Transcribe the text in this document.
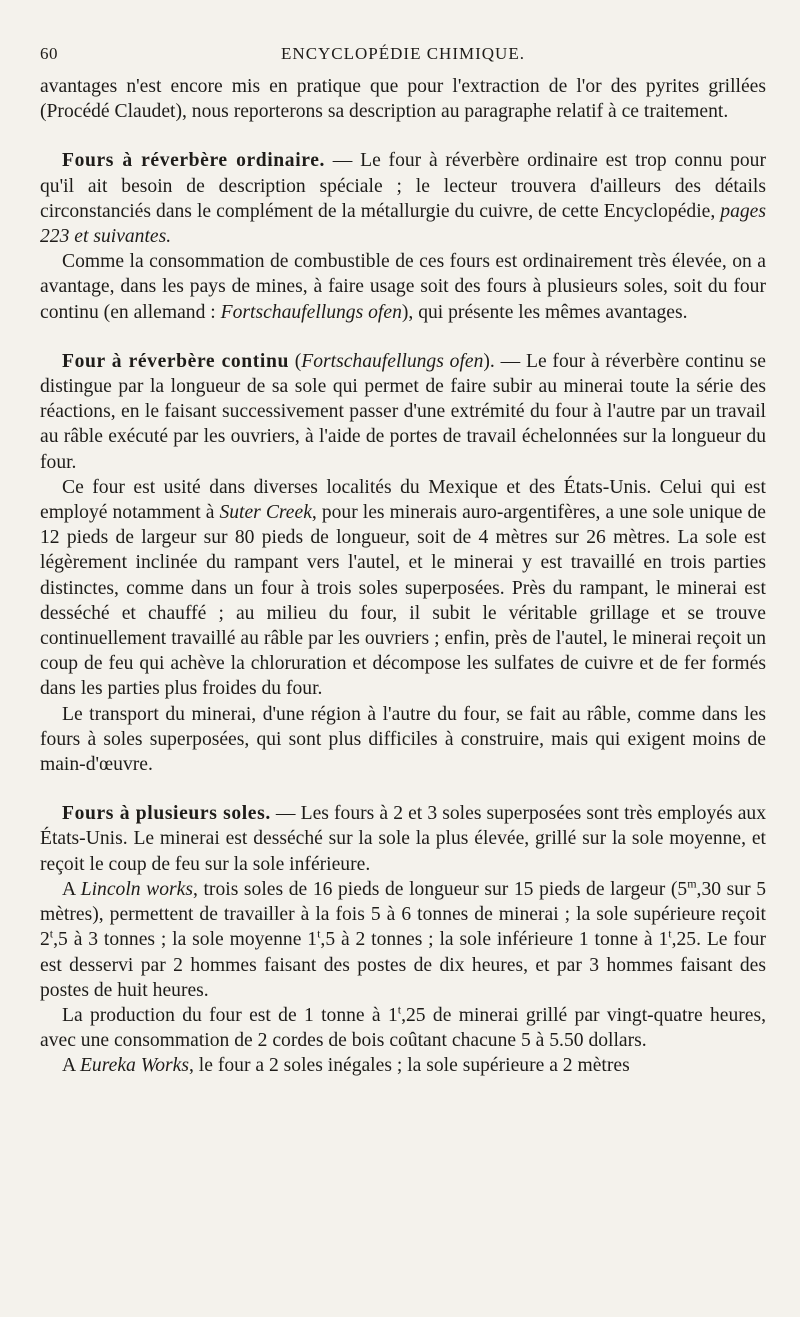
60	ENCYCLOPÉDIE CHIMIQUE.

avantages n'est encore mis en pratique que pour l'extraction de l'or des pyrites grillées (Procédé Claudet), nous reporterons sa description au paragraphe relatif à ce traitement.

Fours à réverbère ordinaire. — Le four à réverbère ordinaire est trop connu pour qu'il ait besoin de description spéciale ; le lecteur trouvera d'ailleurs des détails circonstanciés dans le complément de la métallurgie du cuivre, de cette Encyclopédie, pages 223 et suivantes.

Comme la consommation de combustible de ces fours est ordinairement très élevée, on a avantage, dans les pays de mines, à faire usage soit des fours à plusieurs soles, soit du four continu (en allemand : Fortschaufellungs ofen), qui présente les mêmes avantages.

Four à réverbère continu (Fortschaufellungs ofen). — Le four à réverbère continu se distingue par la longueur de sa sole qui permet de faire subir au minerai toute la série des réactions, en le faisant successivement passer d'une extrémité du four à l'autre par un travail au râble exécuté par les ouvriers, à l'aide de portes de travail échelonnées sur la longueur du four.

Ce four est usité dans diverses localités du Mexique et des États-Unis. Celui qui est employé notamment à Suter Creek, pour les minerais auro-argentifères, a une sole unique de 12 pieds de largeur sur 80 pieds de longueur, soit de 4 mètres sur 26 mètres. La sole est légèrement inclinée du rampant vers l'autel, et le minerai y est travaillé en trois parties distinctes, comme dans un four à trois soles superposées. Près du rampant, le minerai est desséché et chauffé ; au milieu du four, il subit le véritable grillage et se trouve continuellement travaillé au râble par les ouvriers ; enfin, près de l'autel, le minerai reçoit un coup de feu qui achève la chloruration et décompose les sulfates de cuivre et de fer formés dans les parties plus froides du four.

Le transport du minerai, d'une région à l'autre du four, se fait au râble, comme dans les fours à soles superposées, qui sont plus difficiles à construire, mais qui exigent moins de main-d'œuvre.

Fours à plusieurs soles. — Les fours à 2 et 3 soles superposées sont très employés aux États-Unis. Le minerai est desséché sur la sole la plus élevée, grillé sur la sole moyenne, et reçoit le coup de feu sur la sole inférieure.

A Lincoln works, trois soles de 16 pieds de longueur sur 15 pieds de largeur (5$^m$,30 sur 5 mètres), permettent de travailler à la fois 5 à 6 tonnes de minerai ; la sole supérieure reçoit 2$^t$,5 à 3 tonnes ; la sole moyenne 1$^t$,5 à 2 tonnes ; la sole inférieure 1 tonne à 1$^t$,25. Le four est desservi par 2 hommes faisant des postes de dix heures, et par 3 hommes faisant des postes de huit heures.

La production du four est de 1 tonne à 1$^t$,25 de minerai grillé par vingt-quatre heures, avec une consommation de 2 cordes de bois coûtant chacune 5 à 5.50 dollars.

A Eureka Works, le four a 2 soles inégales ; la sole supérieure a 2 mètres
